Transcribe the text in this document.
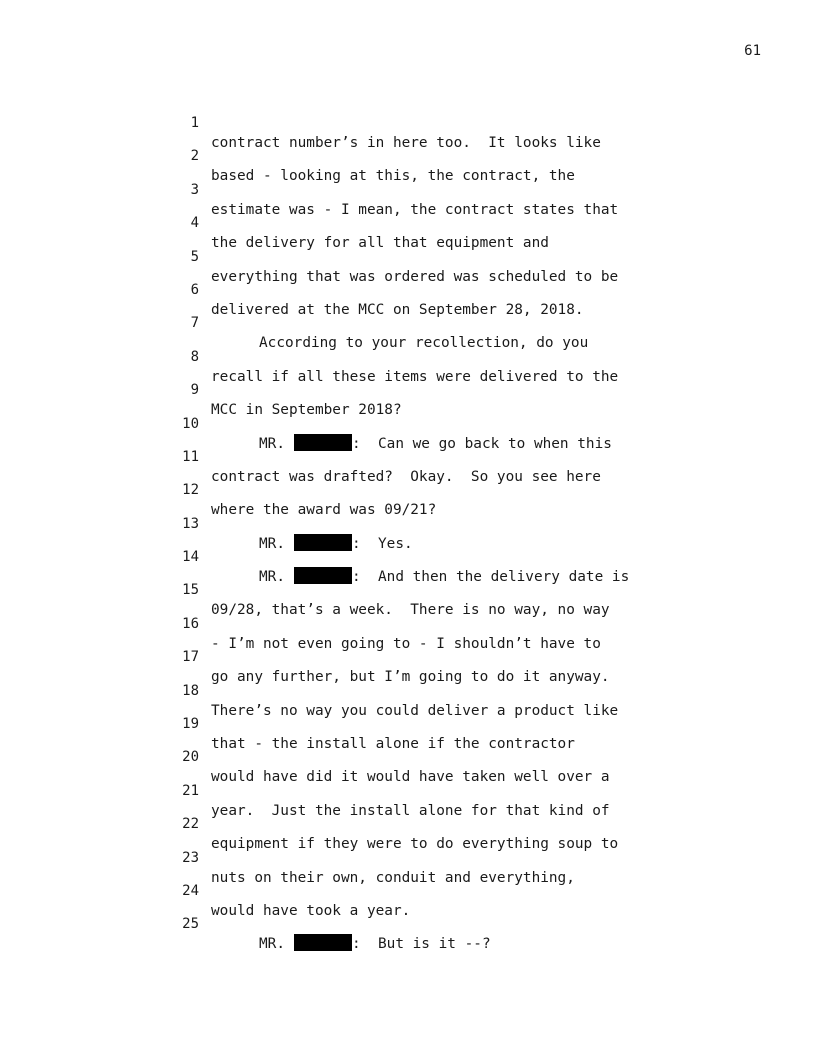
61

1

contract number’s in here too.  It looks like

2

based - looking at this, the contract, the

3

estimate was - I mean, the contract states that

4

the delivery for all that equipment and

5

everything that was ordered was scheduled to be

6

delivered at the MCC on September 28, 2018.

7

According to your recollection, do you

8

recall if all these items were delivered to the

9

MCC in September 2018?

10

MR.	:  Can we go back to when this

11

contract was drafted?  Okay.  So you see here

12

where the award was 09/21?

13

MR.	:  Yes.

14

MR.	:  And then the delivery date is

15

09/28, that’s a week.  There is no way, no way

16

- I’m not even going to - I shouldn’t have to

17

go any further, but I’m going to do it anyway.

18

There’s no way you could deliver a product like

19

that - the install alone if the contractor

20

would have did it would have taken well over a

21

year.  Just the install alone for that kind of

22

equipment if they were to do everything soup to

23

nuts on their own, conduit and everything,

24

would have took a year.

25

MR.	:  But is it --?
